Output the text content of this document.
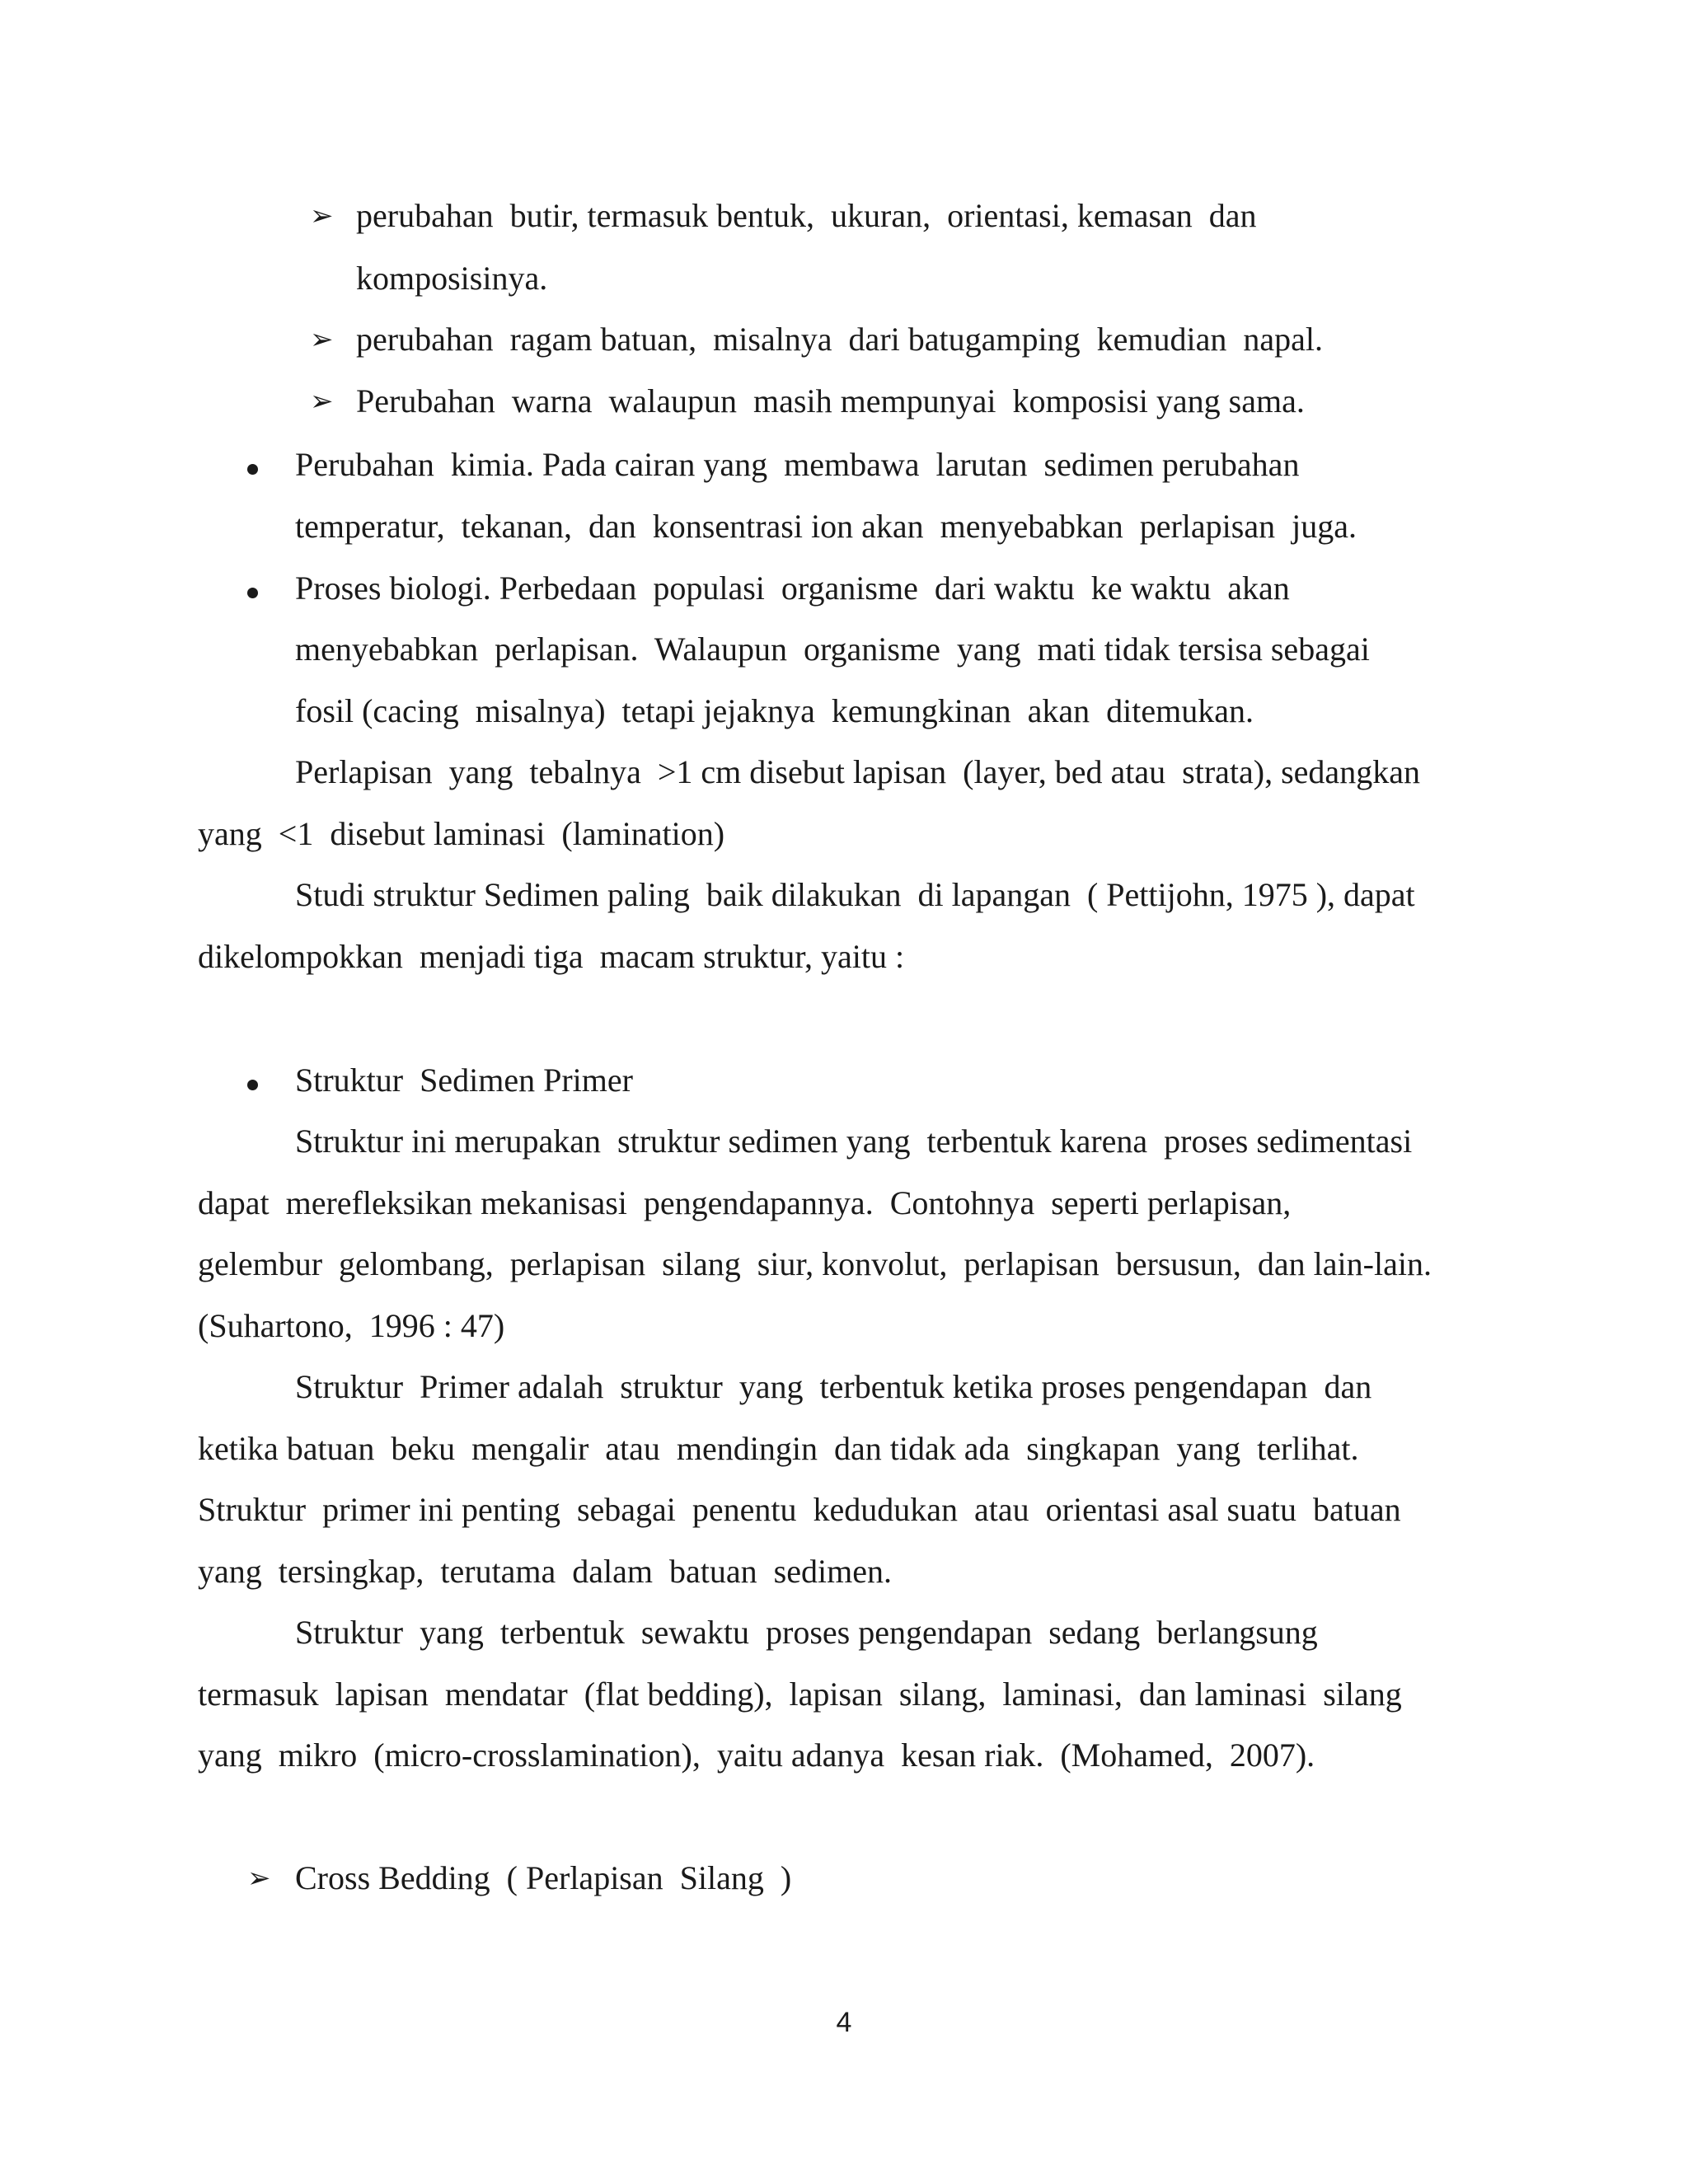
➢ perubahan  butir, termasuk bentuk,  ukuran,  orientasi, kemasan  dan
komposisinya.
➢ perubahan  ragam batuan,  misalnya  dari batugamping  kemudian  napal.
➢ Perubahan  warna  walaupun  masih mempunyai  komposisi yang sama.
Perubahan  kimia. Pada cairan yang  membawa  larutan  sedimen perubahan
temperatur,  tekanan,  dan  konsentrasi ion akan  menyebabkan  perlapisan  juga.
Proses biologi. Perbedaan  populasi  organisme  dari waktu  ke waktu  akan
menyebabkan  perlapisan.  Walaupun  organisme  yang  mati tidak tersisa sebagai
fosil (cacing  misalnya)  tetapi jejaknya  kemungkinan  akan  ditemukan.
Perlapisan  yang  tebalnya  >1 cm disebut lapisan  (layer, bed atau  strata), sedangkan
yang  <1  disebut laminasi  (lamination)
Studi struktur Sedimen paling  baik dilakukan  di lapangan  ( Pettijohn, 1975 ), dapat
dikelompokkan  menjadi tiga  macam struktur, yaitu :
Struktur  Sedimen Primer
Struktur ini merupakan  struktur sedimen yang  terbentuk karena  proses sedimentasi
dapat  merefleksikan mekanisasi  pengendapannya.  Contohnya  seperti perlapisan,
gelembur  gelombang,  perlapisan  silang  siur, konvolut,  perlapisan  bersusun,  dan lain-lain.
(Suhartono,  1996 : 47)
Struktur  Primer adalah  struktur  yang  terbentuk ketika proses pengendapan  dan
ketika batuan  beku  mengalir  atau  mendingin  dan tidak ada  singkapan  yang  terlihat.
Struktur  primer ini penting  sebagai  penentu  kedudukan  atau  orientasi asal suatu  batuan
yang  tersingkap,  terutama  dalam  batuan  sedimen.
Struktur  yang  terbentuk  sewaktu  proses pengendapan  sedang  berlangsung
termasuk  lapisan  mendatar  (flat bedding),  lapisan  silang,  laminasi,  dan laminasi  silang
yang  mikro  (micro-crosslamination),  yaitu adanya  kesan riak.  (Mohamed,  2007).
➢ Cross Bedding  ( Perlapisan  Silang  )
4
